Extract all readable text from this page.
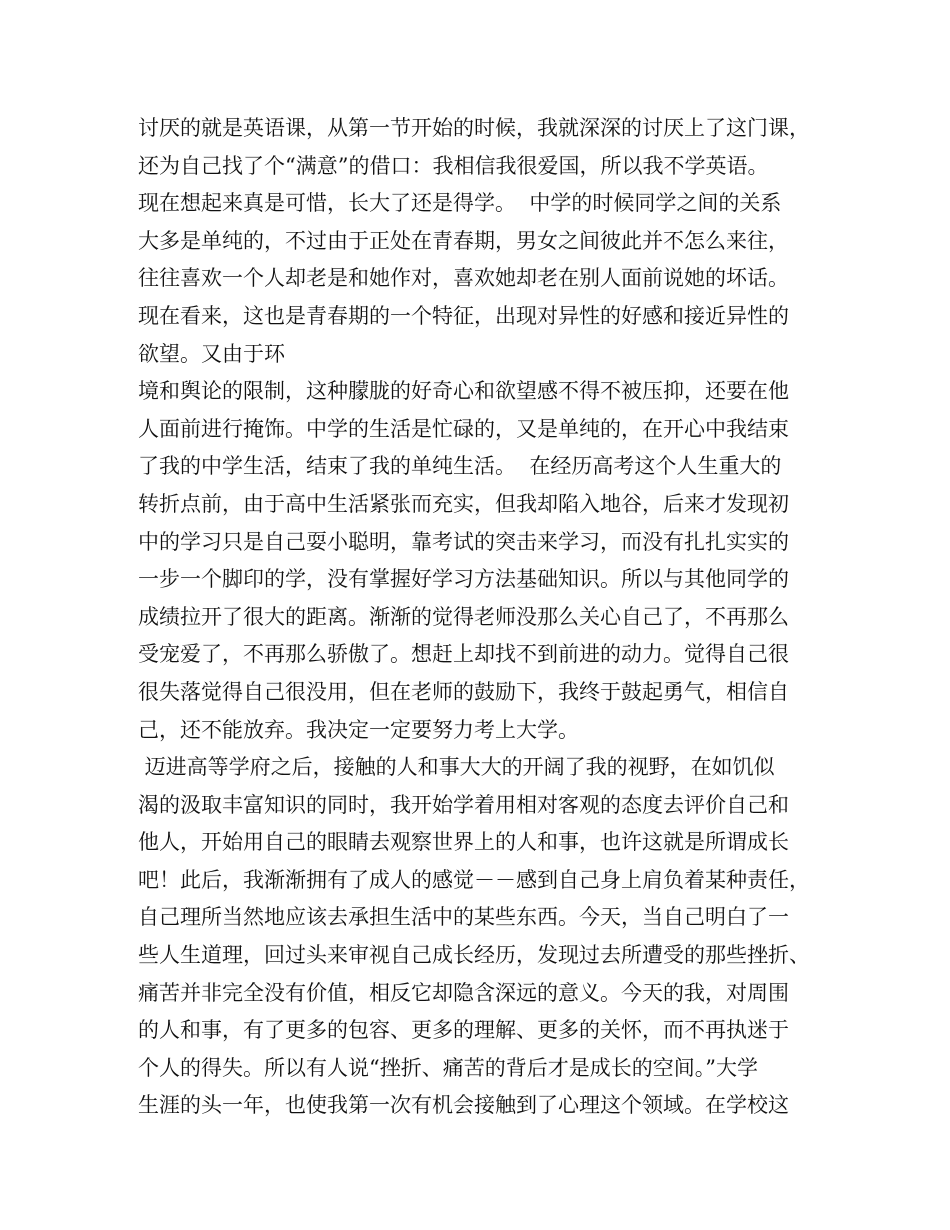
讨厌的就是英语课，从第一节开始的时候，我就深深的讨厌上了这门课，
还为自己找了个“满意”的借口：我相信我很爱国，所以我不学英语。
现在想起来真是可惜，长大了还是得学。  中学的时候同学之间的关系
大多是单纯的，不过由于正处在青春期，男女之间彼此并不怎么来往，
往往喜欢一个人却老是和她作对，喜欢她却老在别人面前说她的坏话。
现在看来，这也是青春期的一个特征，出现对异性的好感和接近异性的
欲望。又由于环
境和舆论的限制，这种朦胧的好奇心和欲望感不得不被压抑，还要在他
人面前进行掩饰。中学的生活是忙碌的，又是单纯的，在开心中我结束
了我的中学生活，结束了我的单纯生活。  在经历高考这个人生重大的
转折点前，由于高中生活紧张而充实，但我却陷入地谷，后来才发现初
中的学习只是自己耍小聪明，靠考试的突击来学习，而没有扎扎实实的
一步一个脚印的学，没有掌握好学习方法基础知识。所以与其他同学的
成绩拉开了很大的距离。渐渐的觉得老师没那么关心自己了，不再那么
受宠爱了，不再那么骄傲了。想赶上却找不到前进的动力。觉得自己很
很失落觉得自己很没用，但在老师的鼓励下，我终于鼓起勇气，相信自
己，还不能放弃。我决定一定要努力考上大学。
迈进高等学府之后，接触的人和事大大的开阔了我的视野，在如饥似
渴的汲取丰富知识的同时，我开始学着用相对客观的态度去评价自己和
他人，开始用自己的眼睛去观察世界上的人和事，也许这就是所谓成长
吧！此后，我渐渐拥有了成人的感觉－－感到自己身上肩负着某种责任，
自己理所当然地应该去承担生活中的某些东西。今天，当自己明白了一
些人生道理，回过头来审视自己成长经历，发现过去所遭受的那些挫折、
痛苦并非完全没有价值，相反它却隐含深远的意义。今天的我，对周围
的人和事，有了更多的包容、更多的理解、更多的关怀，而不再执迷于
个人的得失。所以有人说“挫折、痛苦的背后才是成长的空间。”大学
生涯的头一年，也使我第一次有机会接触到了心理这个领域。在学校这
